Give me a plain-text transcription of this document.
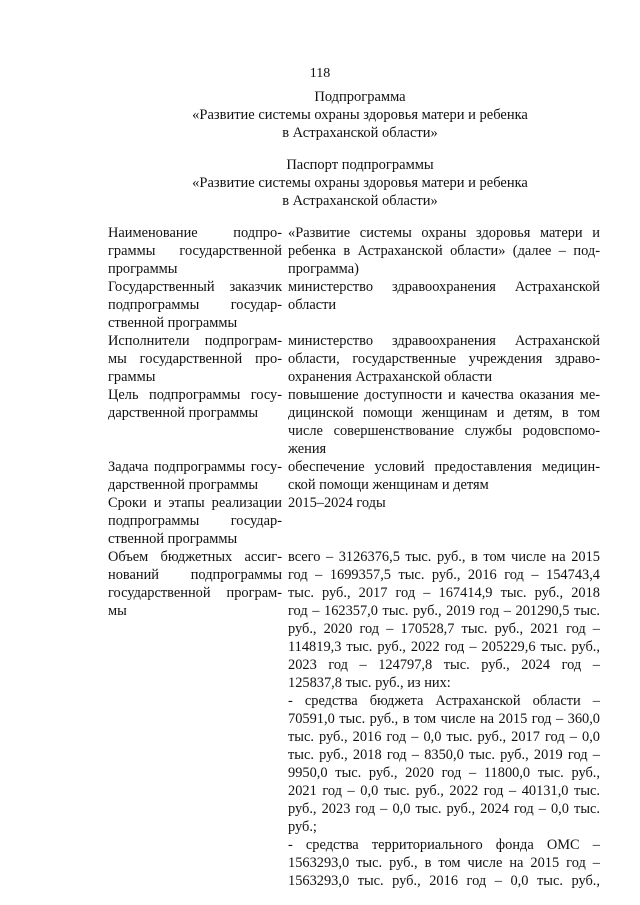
118
Подпрограмма
«Развитие системы охраны здоровья матери и ребенка
в Астраханской области»
Паспорт подпрограммы
«Развитие системы охраны здоровья матери и ребенка
в Астраханской области»
Наименование подпро-
граммы государственной
программы
«Развитие системы охраны здоровья матери и
ребенка в Астраханской области» (далее – под-
программа)
Государственный заказчик
подпрограммы государ-
ственной программы
министерство здравоохранения Астраханской
области
Исполнители подпрограм-
мы государственной про-
граммы
министерство здравоохранения Астраханской
области, государственные учреждения здраво-
охранения Астраханской области
Цель подпрограммы госу-
дарственной программы
повышение доступности и качества оказания ме-
дицинской помощи женщинам и детям, в том
числе совершенствование службы родовспомо-
жения
Задача подпрограммы госу-
дарственной программы
обеспечение условий предоставления медицин-
ской помощи женщинам и детям
Сроки и этапы реализации
подпрограммы государ-
ственной программы
2015–2024 годы
Объем бюджетных ассиг-
нований подпрограммы
государственной програм-
мы

всего – 3126376,5 тыс. руб., в том числе на 2015
год – 1699357,5 тыс. руб., 2016 год – 154743,4
тыс. руб., 2017 год – 167414,9 тыс. руб., 2018
год – 162357,0 тыс. руб., 2019 год – 201290,5 тыс.
руб., 2020 год – 170528,7 тыс. руб., 2021 год –
114819,3 тыс. руб., 2022 год – 205229,6 тыс. руб.,
2023 год – 124797,8 тыс. руб., 2024 год –
125837,8 тыс. руб., из них:

- средства бюджета Астраханской области –
70591,0 тыс. руб., в том числе на 2015 год – 360,0
тыс. руб., 2016 год – 0,0 тыс. руб., 2017 год – 0,0
тыс. руб., 2018 год – 8350,0 тыс. руб., 2019 год –
9950,0 тыс. руб., 2020 год – 11800,0 тыс. руб.,
2021 год – 0,0 тыс. руб., 2022 год – 40131,0 тыс.
руб., 2023 год – 0,0 тыс. руб., 2024 год – 0,0 тыс.
руб.;

- средства территориального фонда ОМС –
1563293,0 тыс. руб., в том числе на 2015 год –
1563293,0 тыс. руб., 2016 год – 0,0 тыс. руб.,
